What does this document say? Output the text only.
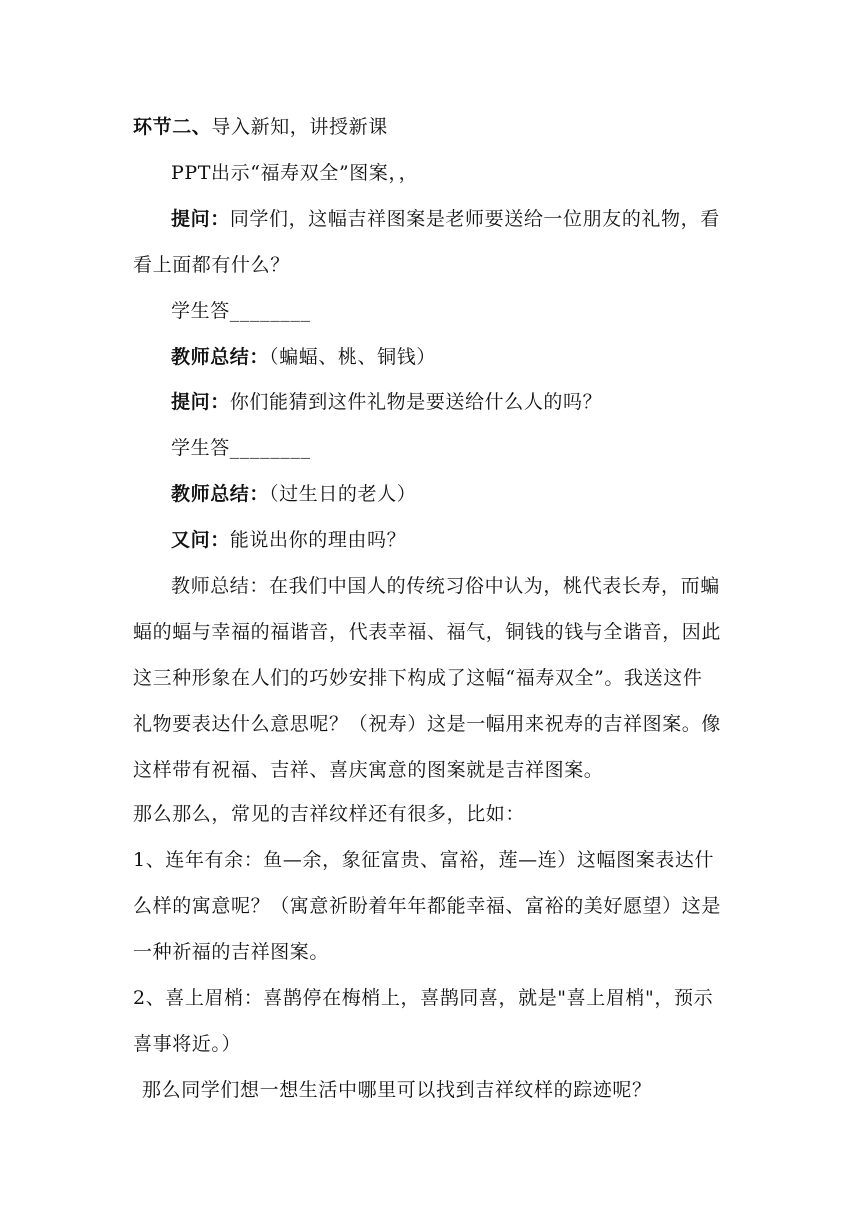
环节二、导入新知，讲授新课
PPT出示“福寿双全”图案，，
提问：同学们，这幅吉祥图案是老师要送给一位朋友的礼物，看
看上面都有什么？
学生答________
教师总结：（蝙蝠、桃、铜钱）
提问：你们能猜到这件礼物是要送给什么人的吗？
学生答________
教师总结：（过生日的老人）
又问：能说出你的理由吗？
教师总结：在我们中国人的传统习俗中认为，桃代表长寿，而蝙
蝠的蝠与幸福的福谐音，代表幸福、福气，铜钱的钱与全谐音，因此
这三种形象在人们的巧妙安排下构成了这幅“福寿双全”。我送这件
礼物要表达什么意思呢？（祝寿）这是一幅用来祝寿的吉祥图案。像
这样带有祝福、吉祥、喜庆寓意的图案就是吉祥图案。
那么那么，常见的吉祥纹样还有很多，比如：
1、连年有余：鱼—余，象征富贵、富裕，莲—连）这幅图案表达什
么样的寓意呢？（寓意祈盼着年年都能幸福、富裕的美好愿望）这是
一种祈福的吉祥图案。
2、喜上眉梢：喜鹊停在梅梢上，喜鹊同喜，就是"喜上眉梢"，预示
喜事将近。）
那么同学们想一想生活中哪里可以找到吉祥纹样的踪迹呢？
